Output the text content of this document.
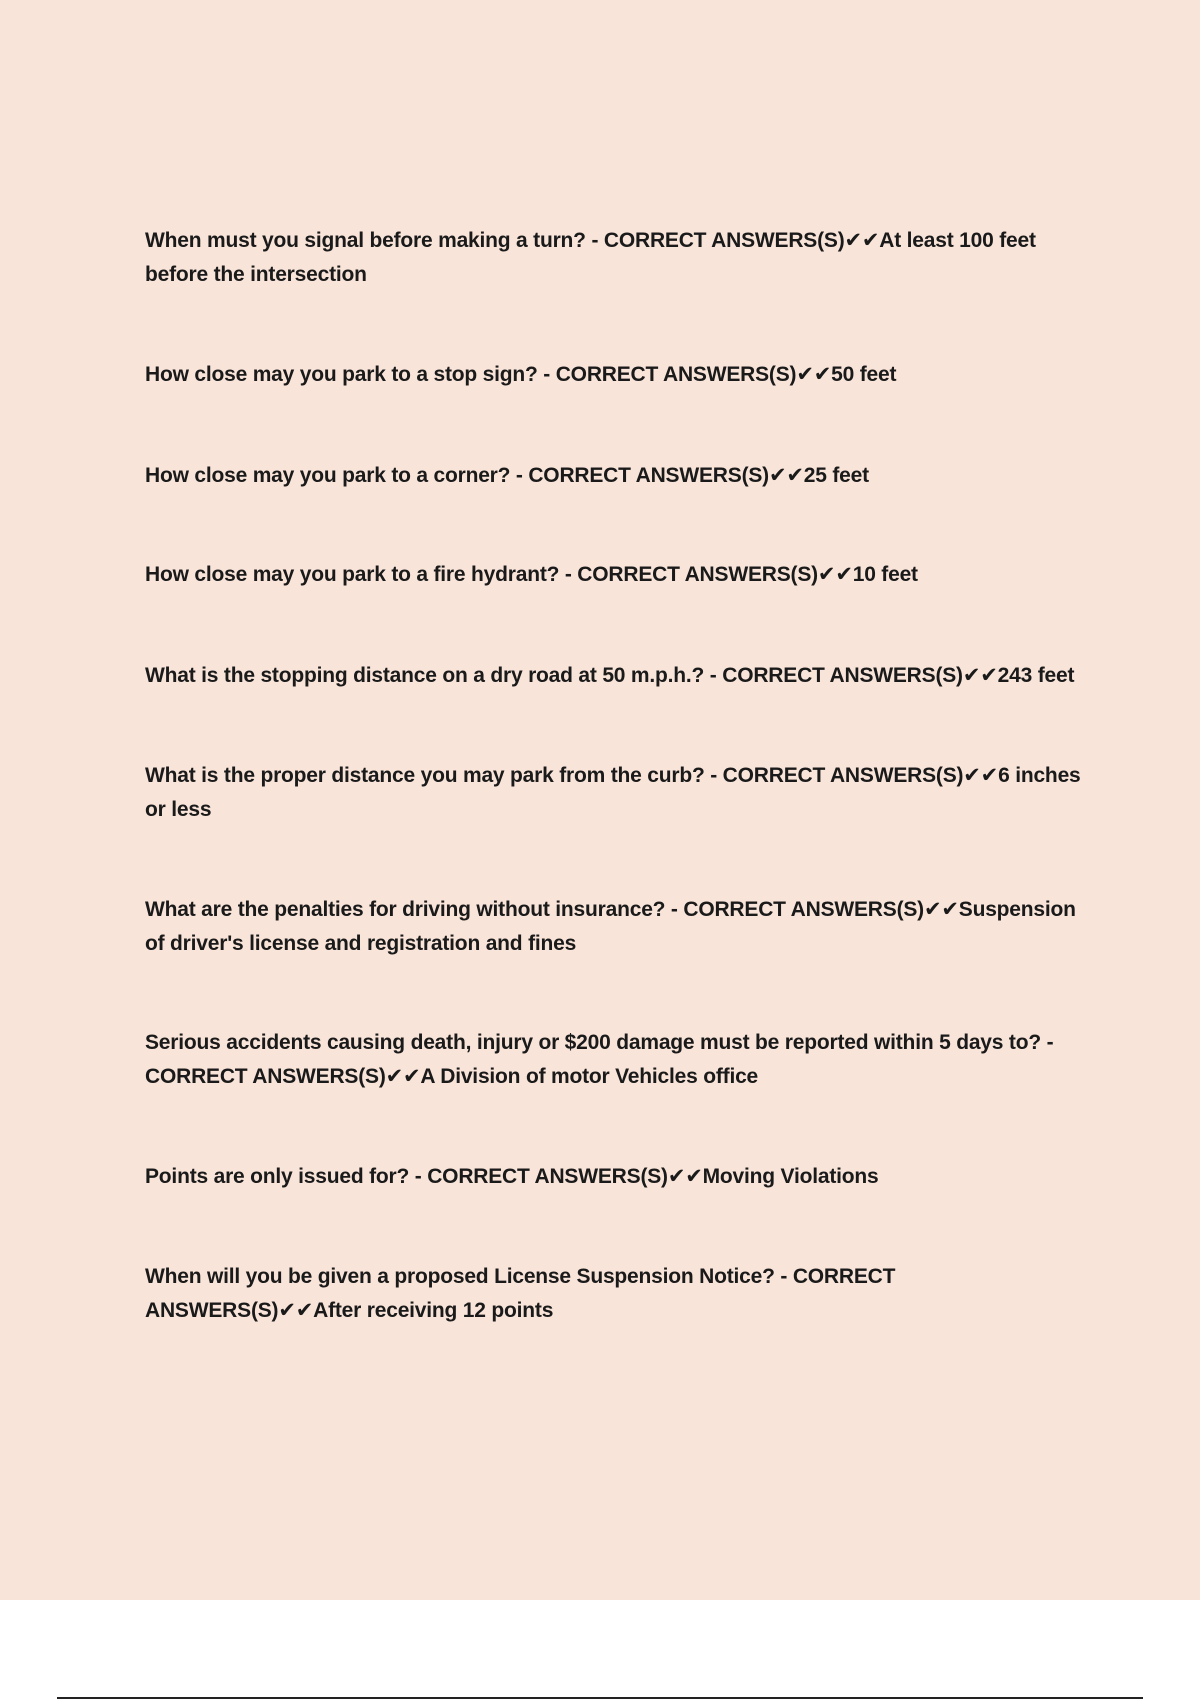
When must you signal before making a turn? - CORRECT ANSWERS(S)✔✔At least 100 feet before the intersection
How close may you park to a stop sign? - CORRECT ANSWERS(S)✔✔50 feet
How close may you park to a corner? - CORRECT ANSWERS(S)✔✔25 feet
How close may you park to a fire hydrant? - CORRECT ANSWERS(S)✔✔10 feet
What is the stopping distance on a dry road at 50 m.p.h.? - CORRECT ANSWERS(S)✔✔243 feet
What is the proper distance you may park from the curb? - CORRECT ANSWERS(S)✔✔6 inches or less
What are the penalties for driving without insurance? - CORRECT ANSWERS(S)✔✔Suspension of driver's license and registration and fines
Serious accidents causing death, injury or $200 damage must be reported within 5 days to? - CORRECT ANSWERS(S)✔✔A Division of motor Vehicles office
Points are only issued for? - CORRECT ANSWERS(S)✔✔Moving Violations
When will you be given a proposed License Suspension Notice? - CORRECT ANSWERS(S)✔✔After receiving 12 points
